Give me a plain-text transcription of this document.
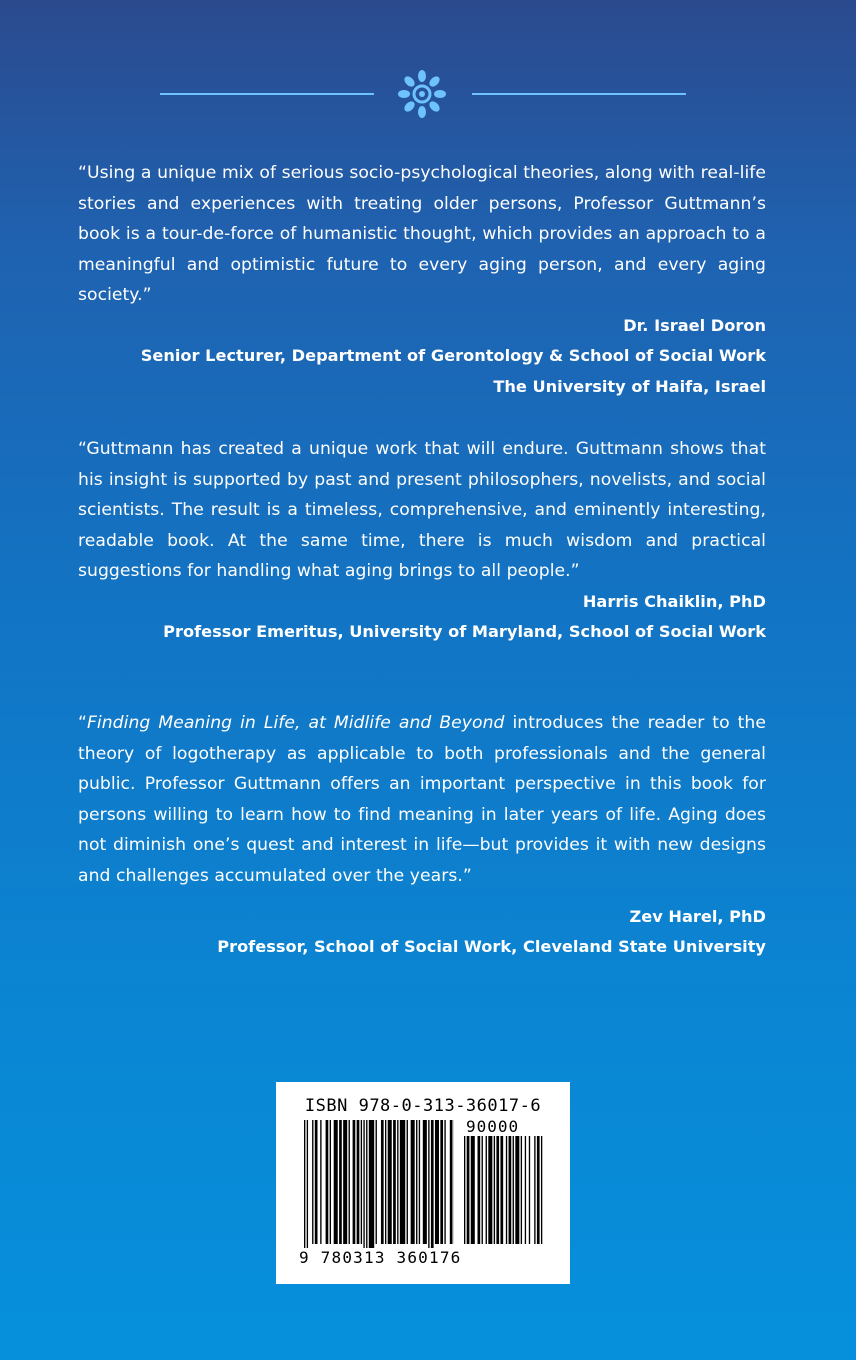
“Using a unique mix of serious socio-psychological theories, along with real-life stories and experiences with treating older persons, Professor Guttmann’s book is a tour-de-force of humanistic thought, which provides an approach to a meaningful and optimistic future to every aging person, and every aging society.”

Dr. Israel Doron

Senior Lecturer, Department of Gerontology & School of Social Work

The University of Haifa, Israel

“Guttmann has created a unique work that will endure. Guttmann shows that his insight is supported by past and present philosophers, novelists, and social scientists. The result is a timeless, comprehensive, and eminently interesting, readable book. At the same time, there is much wisdom and practical suggestions for handling what aging brings to all people.”

Harris Chaiklin, PhD

Professor Emeritus, University of Maryland, School of Social Work

“Finding Meaning in Life, at Midlife and Beyond introduces the reader to the theory of logotherapy as applicable to both professionals and the general public. Professor Guttmann offers an important perspective in this book for persons willing to learn how to find meaning in later years of life. Aging does not diminish one’s quest and interest in life—but provides it with new designs and challenges accumulated over the years.”

Zev Harel, PhD

Professor, School of Social Work, Cleveland State University

ISBN 978-0-313-36017-6
90000
9 780313 360176
